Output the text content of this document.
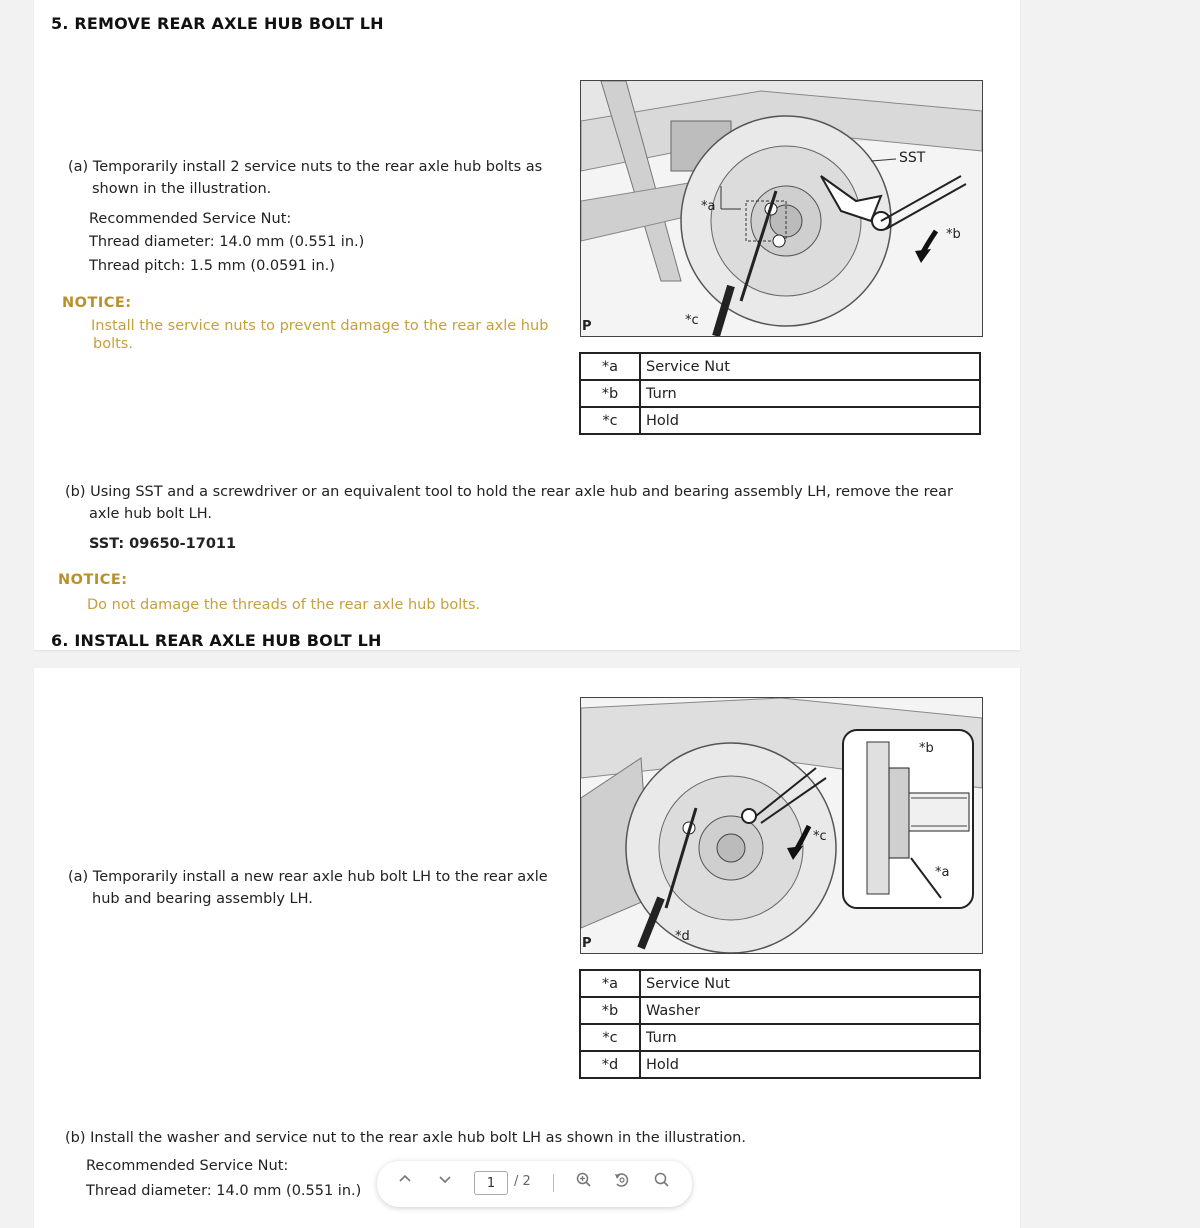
5. REMOVE REAR AXLE HUB BOLT LH
(a) Temporarily install 2 service nuts to the rear axle hub bolts as
shown in the illustration.
Recommended Service Nut:
Thread diameter: 14.0 mm (0.551 in.)
Thread pitch: 1.5 mm (0.0591 in.)
NOTICE:
Install the service nuts to prevent damage to the rear axle hub
bolts.
SST
*a
*b
*c
P
*a	Service Nut
*b	Turn
*c	Hold
(b) Using SST and a screwdriver or an equivalent tool to hold the rear axle hub and bearing assembly LH, remove the rear
axle hub bolt LH.
SST: 09650-17011
NOTICE:
Do not damage the threads of the rear axle hub bolts.
6. INSTALL REAR AXLE HUB BOLT LH
(a) Temporarily install a new rear axle hub bolt LH to the rear axle
hub and bearing assembly LH.
*b
*a
*c
*d
P
*a	Service Nut
*b	Washer
*c	Turn
*d	Hold
(b) Install the washer and service nut to the rear axle hub bolt LH as shown in the illustration.
Recommended Service Nut:
Thread diameter: 14.0 mm (0.551 in.)	1	/ 2
